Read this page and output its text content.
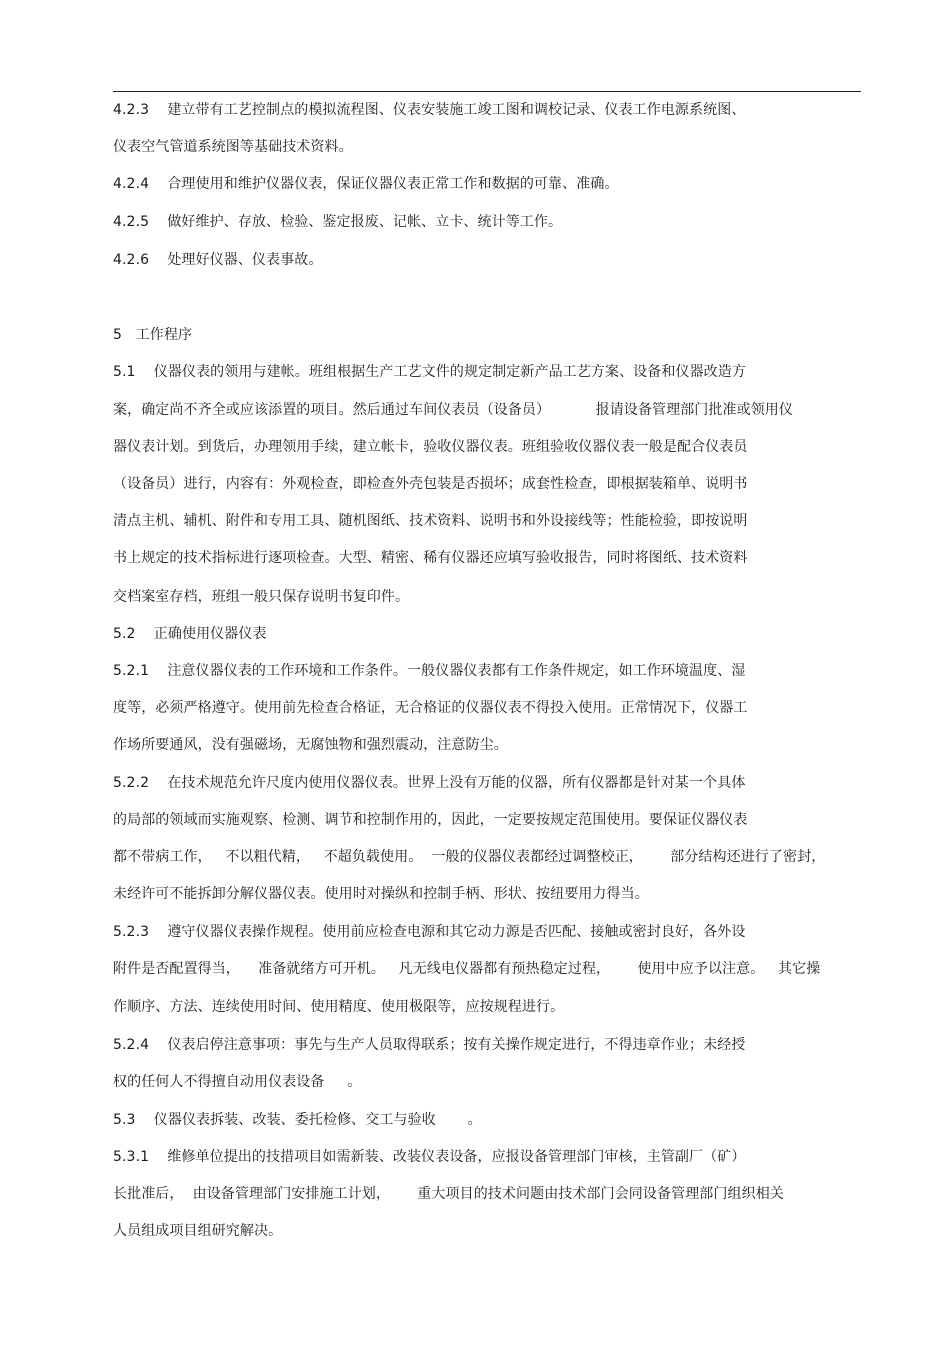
4.2.3    建立带有工艺控制点的模拟流程图、仪表安装施工竣工图和调校记录、仪表工作电源系统图、
仪表空气管道系统图等基础技术资料。
4.2.4    合理使用和维护仪器仪表，保证仪器仪表正常工作和数据的可靠、准确。
4.2.5    做好维护、存放、检验、鉴定报废、记帐、立卡、统计等工作。
4.2.6    处理好仪器、仪表事故。
5   工作程序
5.1    仪器仪表的领用与建帐。班组根据生产工艺文件的规定制定新产品工艺方案、设备和仪器改造方
案，确定尚不齐全或应该添置的项目。然后通过车间仪表员（设备员）          报请设备管理部门批准或领用仪
器仪表计划。到货后，办理领用手续，建立帐卡，验收仪器仪表。班组验收仪器仪表一般是配合仪表员
（设备员）进行，内容有：外观检查，即检查外壳包装是否损坏；成套性检查，即根据装箱单、说明书
清点主机、辅机、附件和专用工具、随机图纸、技术资料、说明书和外设接线等；性能检验，即按说明
书上规定的技术指标进行逐项检查。大型、精密、稀有仪器还应填写验收报告，同时将图纸、技术资料
交档案室存档，班组一般只保存说明书复印件。
5.2    正确使用仪器仪表
5.2.1    注意仪器仪表的工作环境和工作条件。一般仪器仪表都有工作条件规定，如工作环境温度、湿
度等，必须严格遵守。使用前先检查合格证，无合格证的仪器仪表不得投入使用。正常情况下，仪器工
作场所要通风，没有强磁场，无腐蚀物和强烈震动，注意防尘。
5.2.2    在技术规范允许尺度内使用仪器仪表。世界上没有万能的仪器，所有仪器都是针对某一个具体
的局部的领域而实施观察、检测、调节和控制作用的，因此，一定要按规定范围使用。要保证仪器仪表
都不带病工作，   不以粗代精，   不超负载使用。  一般的仪器仪表都经过调整校正，      部分结构还进行了密封，
未经许可不能拆卸分解仪器仪表。使用时对操纵和控制手柄、形状、按纽要用力得当。
5.2.3    遵守仪器仪表操作规程。使用前应检查电源和其它动力源是否匹配、接触或密封良好，各外设
附件是否配置得当，    准备就绪方可开机。   凡无线电仪器都有预热稳定过程，      使用中应予以注意。   其它操
作顺序、方法、连续使用时间、使用精度、使用极限等，应按规程进行。
5.2.4    仪表启停注意事项：事先与生产人员取得联系；按有关操作规定进行，不得违章作业；未经授
权的任何人不得擅自动用仪表设备     。
5.3    仪器仪表拆装、改装、委托检修、交工与验收       。
5.3.1    维修单位提出的技措项目如需新装、改装仪表设备，应报设备管理部门审核，主管副厂（矿）
长批准后，  由设备管理部门安排施工计划，      重大项目的技术问题由技术部门会同设备管理部门组织相关
人员组成项目组研究解决。
